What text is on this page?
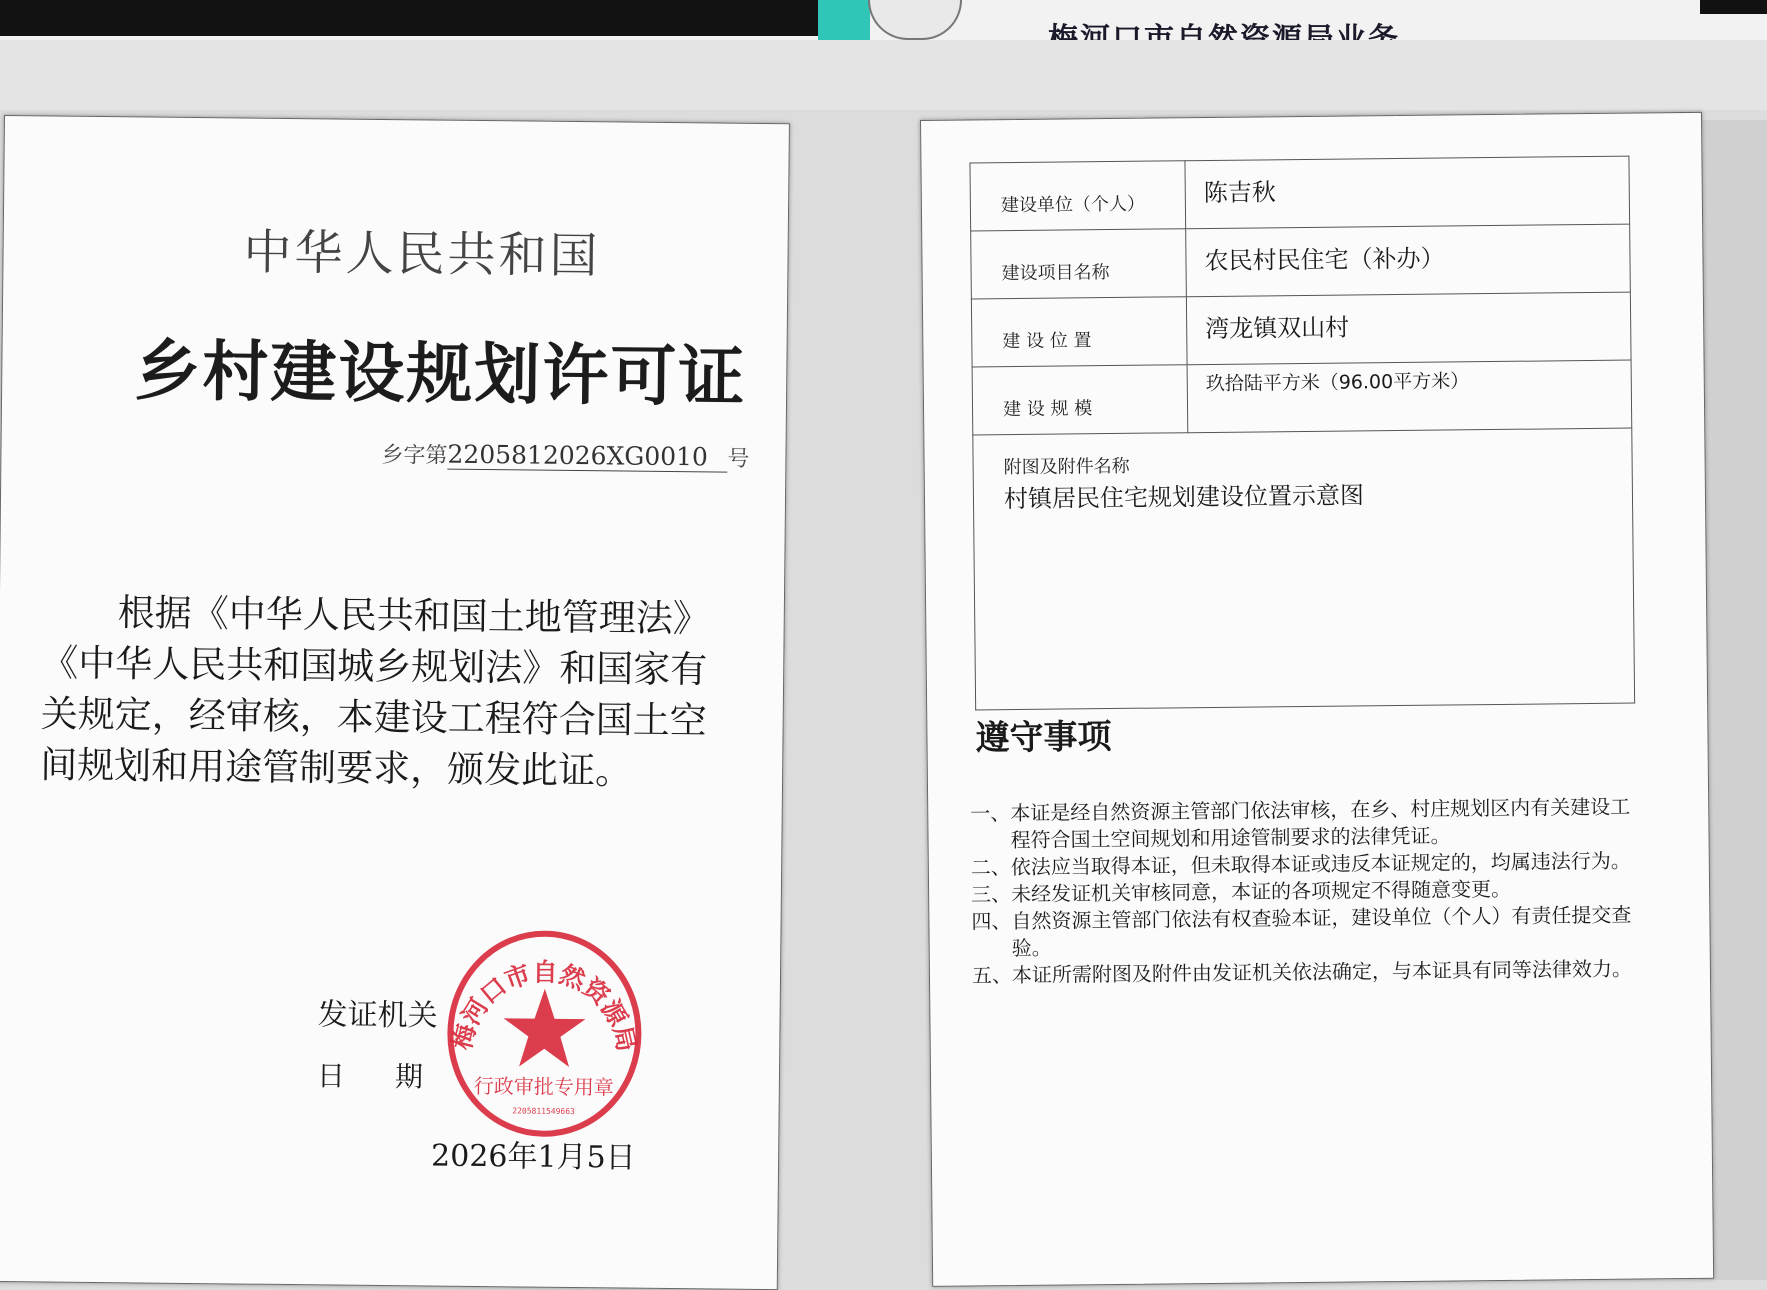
中华人民共和国
乡村建设规划许可证
乡字第2205812026XG0010 号
根据《中华人民共和国土地管理法》《中华人民共和国城乡规划法》和国家有关规定，经审核，本建设工程符合国土空间规划和用途管制要求，颁发此证。
发证机关
日期
2026年1月5日
梅河口市自然资源局
行政审批专用章
2205811549663
建设单位（个人）	陈吉秋
建设项目名称	农民村民住宅（补办）
建 设 位 置	湾龙镇双山村
建 设 规 模	玖拾陆平方米（96.00平方米）

附图及附件名称
村镇居民住宅规划建设位置示意图	
遵守事项
一、 本证是经自然资源主管部门依法审核，在乡、村庄规划区内有关建设工程符合国土空间规划和用途管制要求的法律凭证。
二、 依法应当取得本证，但未取得本证或违反本证规定的，均属违法行为。
三、 未经发证机关审核同意，本证的各项规定不得随意变更。
四、 自然资源主管部门依法有权查验本证，建设单位（个人）有责任提交查验。
五、 本证所需附图及附件由发证机关依法确定，与本证具有同等法律效力。
